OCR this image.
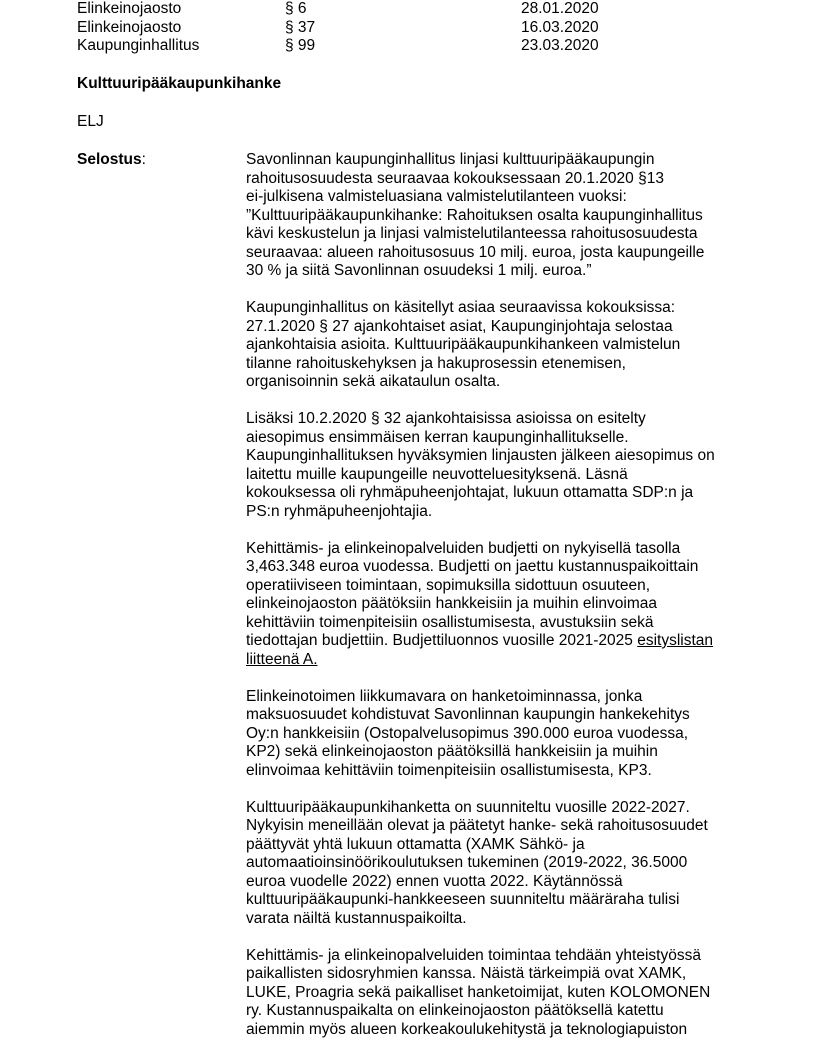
Elinkeinojaosto	§ 6	28.01.2020
Elinkeinojaosto	§ 37	16.03.2020
Kaupunginhallitus	§ 99	23.03.2020
Kulttuuripääkaupunkihanke
ELJ
Selostus:	Savonlinnan kaupunginhallitus linjasi kulttuuripääkaupungin
rahoitusosuudesta seuraavaa kokouksessaan 20.1.2020 §13
ei-julkisena valmisteluasiana valmistelutilanteen vuoksi:
”Kulttuuripääkaupunkihanke: Rahoituksen osalta kaupunginhallitus
kävi keskustelun ja linjasi valmistelutilanteessa rahoitusosuudesta
seuraavaa: alueen rahoitusosuus 10 milj. euroa, josta kaupungeille
30 % ja siitä Savonlinnan osuudeksi 1 milj. euroa.”
Kaupunginhallitus on käsitellyt asiaa seuraavissa kokouksissa:
27.1.2020 § 27 ajankohtaiset asiat, Kaupunginjohtaja selostaa
ajankohtaisia asioita. Kulttuuripääkaupunkihankeen valmistelun
tilanne rahoituskehyksen ja hakuprosessin etenemisen,
organisoinnin sekä aikataulun osalta.
Lisäksi 10.2.2020 § 32 ajankohtaisissa asioissa on esitelty
aiesopimus ensimmäisen kerran kaupunginhallitukselle.
Kaupunginhallituksen hyväksymien linjausten jälkeen aiesopimus on
laitettu muille kaupungeille neuvotteluesityksenä. Läsnä
kokouksessa oli ryhmäpuheenjohtajat, lukuun ottamatta SDP:n ja
PS:n ryhmäpuheenjohtajia.
Kehittämis- ja elinkeinopalveluiden budjetti on nykyisellä tasolla
3,463.348 euroa vuodessa. Budjetti on jaettu kustannuspaikoittain
operatiiviseen toimintaan, sopimuksilla sidottuun osuuteen,
elinkeinojaoston päätöksiin hankkeisiin ja muihin elinvoimaa
kehittäviin toimenpiteisiin osallistumisesta, avustuksiin sekä
tiedottajan budjettiin. Budjettiluonnos vuosille 2021-2025 esityslistan
liitteenä A.
Elinkeinotoimen liikkumavara on hanketoiminnassa, jonka
maksuosuudet kohdistuvat Savonlinnan kaupungin hankekehitys
Oy:n hankkeisiin (Ostopalvelusopimus 390.000 euroa vuodessa,
KP2) sekä elinkeinojaoston päätöksillä hankkeisiin ja muihin
elinvoimaa kehittäviin toimenpiteisiin osallistumisesta, KP3.
Kulttuuripääkaupunkihanketta on suunniteltu vuosille 2022-2027.
Nykyisin meneillään olevat ja päätetyt hanke- sekä rahoitusosuudet
päättyvät yhtä lukuun ottamatta (XAMK Sähkö- ja
automaatioinsinöörikoulutuksen tukeminen (2019-2022, 36.5000
euroa vuodelle 2022) ennen vuotta 2022. Käytännössä
kulttuuripääkaupunki-hankkeeseen suunniteltu määräraha tulisi
varata näiltä kustannuspaikoilta.
Kehittämis- ja elinkeinopalveluiden toimintaa tehdään yhteistyössä
paikallisten sidosryhmien kanssa. Näistä tärkeimpiä ovat XAMK,
LUKE, Proagria sekä paikalliset hanketoimijat, kuten KOLOMONEN
ry. Kustannuspaikalta on elinkeinojaoston päätöksellä katettu
aiemmin myös alueen korkeakoulukehitystä ja teknologiapuiston
